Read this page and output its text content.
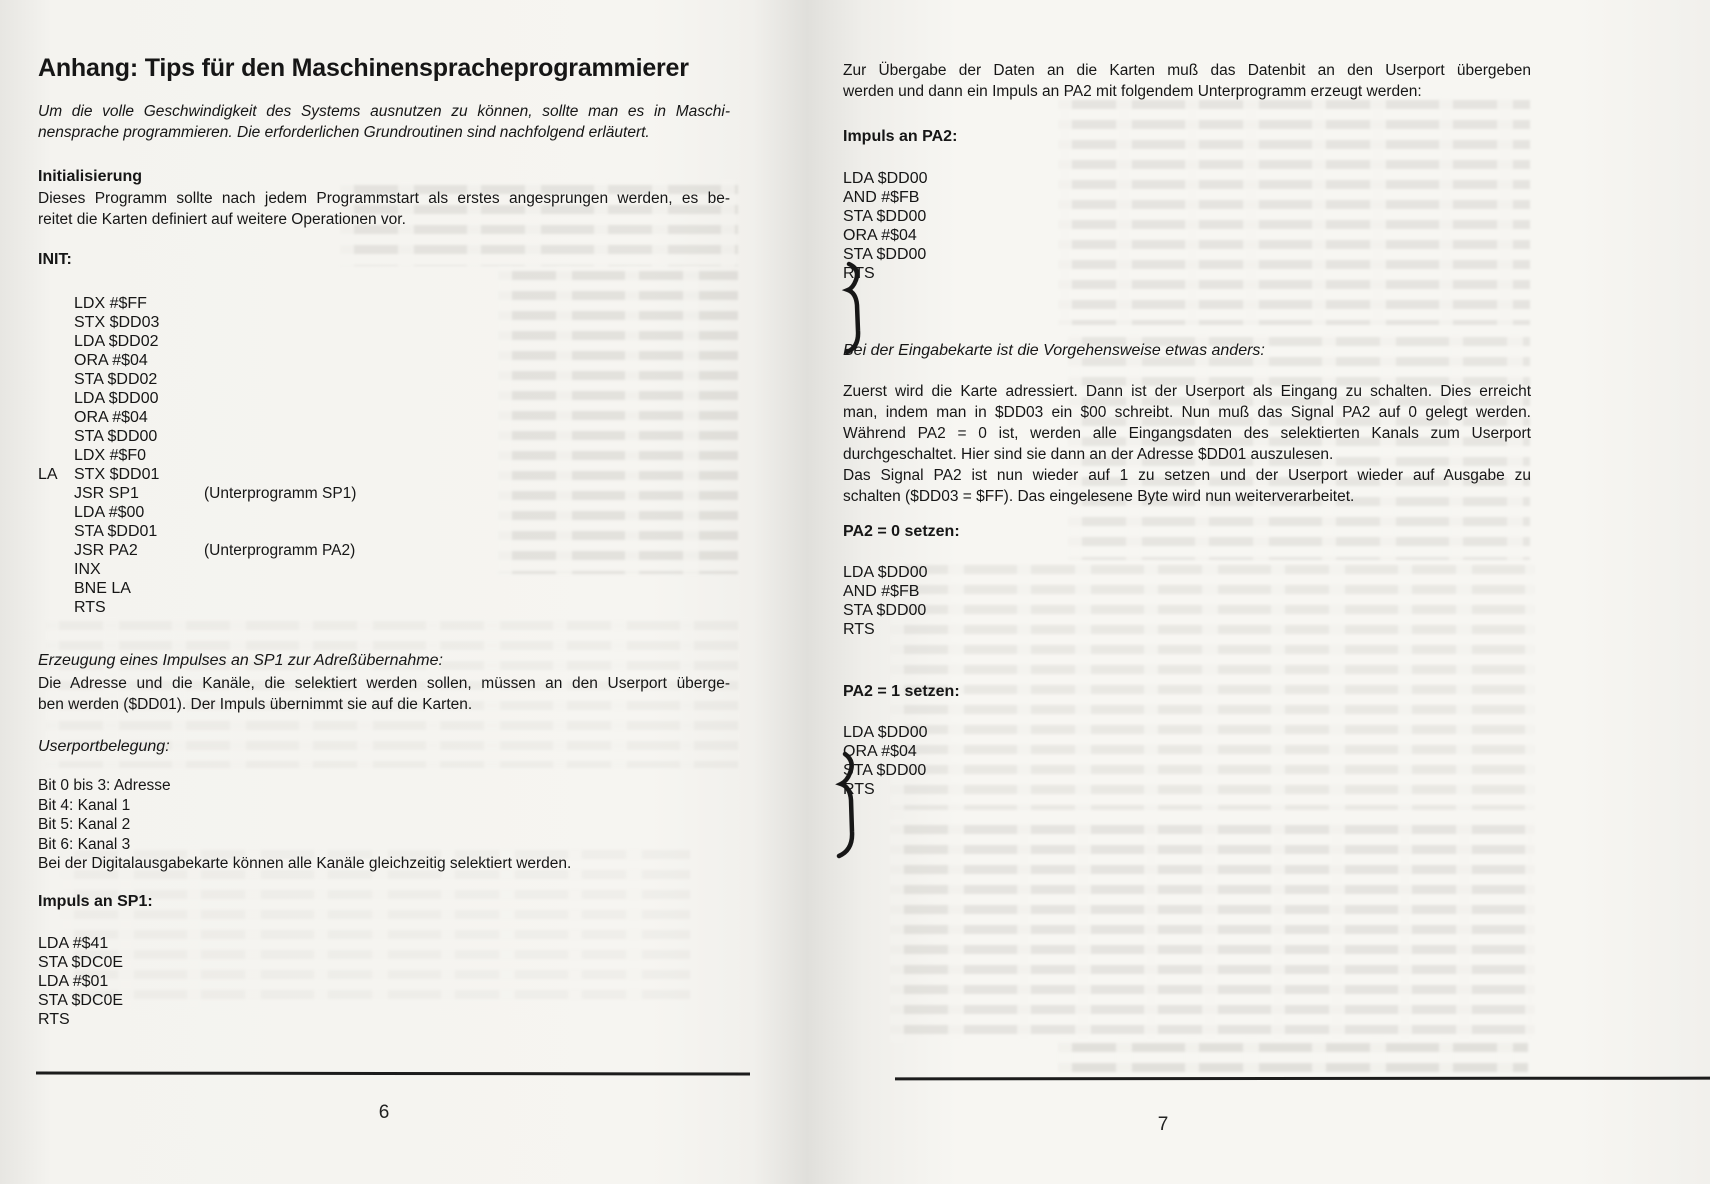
Anhang: Tips für den Maschinenspracheprogrammierer
Um die volle Geschwindigkeit des Systems ausnutzen zu können, sollte man es in Maschi-
nensprache programmieren. Die erforderlichen Grundroutinen sind nachfolgend erläutert.
Initialisierung
Dieses Programm sollte nach jedem Programmstart als erstes angesprungen werden, es be-
reitet die Karten definiert auf weitere Operationen vor.
INIT:
LDX #$FF
STX $DD03
LDA $DD02
ORA #$04
STA $DD02
LDA $DD00
ORA #$04
STA $DD00
LDX #$F0
LA	STX $DD01
JSR SP1	(Unterprogramm SP1)
LDA #$00
STA $DD01
JSR PA2	(Unterprogramm PA2)
INX
BNE LA
RTS
Erzeugung eines Impulses an SP1 zur Adreßübernahme:
Die Adresse und die Kanäle, die selektiert werden sollen, müssen an den Userport überge-
ben werden ($DD01). Der Impuls übernimmt sie auf die Karten.
Userportbelegung:
Bit 0 bis 3: Adresse
Bit 4: Kanal 1
Bit 5: Kanal 2
Bit 6: Kanal 3
Bei der Digitalausgabekarte können alle Kanäle gleichzeitig selektiert werden.
Impuls an SP1:
LDA #$41
STA $DC0E
LDA #$01
STA $DC0E
RTS
6
Zur Übergabe der Daten an die Karten muß das Datenbit an den Userport übergeben
werden und dann ein Impuls an PA2 mit folgendem Unterprogramm erzeugt werden:
Impuls an PA2:
LDA $DD00
AND #$FB
STA $DD00
ORA #$04
STA $DD00
RTS
Bei der Eingabekarte ist die Vorgehensweise etwas anders:
Zuerst wird die Karte adressiert. Dann ist der Userport als Eingang zu schalten. Dies erreicht
man, indem man in $DD03 ein $00 schreibt. Nun muß das Signal PA2 auf 0 gelegt werden.
Während PA2 = 0 ist, werden alle Eingangsdaten des selektierten Kanals zum Userport
durchgeschaltet. Hier sind sie dann an der Adresse $DD01 auszulesen.
Das Signal PA2 ist nun wieder auf 1 zu setzen und der Userport wieder auf Ausgabe zu
schalten ($DD03 = $FF). Das eingelesene Byte wird nun weiterverarbeitet.
PA2 = 0 setzen:
LDA $DD00
AND #$FB
STA $DD00
RTS
PA2 = 1 setzen:
LDA $DD00
ORA #$04
STA $DD00
RTS
7
